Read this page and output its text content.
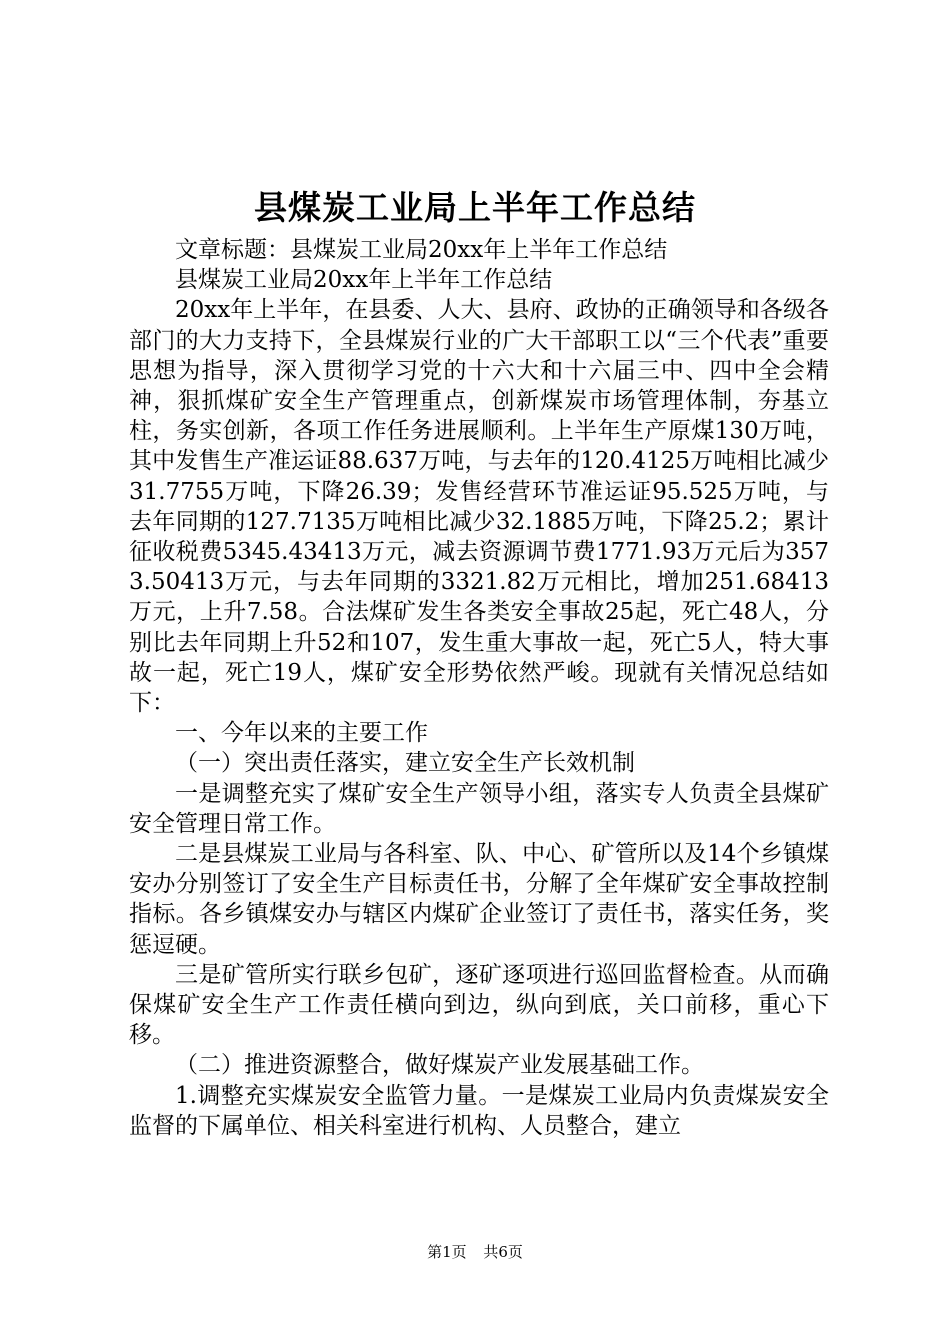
县煤炭工业局上半年工作总结

文章标题：县煤炭工业局20xx年上半年工作总结

县煤炭工业局20xx年上半年工作总结

20xx年上半年，在县委、人大、县府、政协的正确领导和各级各部门的大力支持下，全县煤炭行业的广大干部职工以“三个代表”重要思想为指导，深入贯彻学习党的十六大和十六届三中、四中全会精神，狠抓煤矿安全生产管理重点，创新煤炭市场管理体制，夯基立柱，务实创新，各项工作任务进展顺利。上半年生产原煤130万吨，其中发售生产准运证88.637万吨，与去年的120.4125万吨相比减少31.7755万吨，下降26.39；发售经营环节准运证95.525万吨，与去年同期的127.7135万吨相比减少32.1885万吨，下降25.2；累计征收税费5345.43413万元，减去资源调节费1771.93万元后为3573.50413万元，与去年同期的3321.82万元相比，增加251.68413万元，上升7.58。合法煤矿发生各类安全事故25起，死亡48人，分别比去年同期上升52和107，发生重大事故一起，死亡5人，特大事故一起，死亡19人，煤矿安全形势依然严峻。现就有关情况总结如下：

一、今年以来的主要工作

（一）突出责任落实，建立安全生产长效机制

一是调整充实了煤矿安全生产领导小组，落实专人负责全县煤矿安全管理日常工作。

二是县煤炭工业局与各科室、队、中心、矿管所以及14个乡镇煤安办分别签订了安全生产目标责任书，分解了全年煤矿安全事故控制指标。各乡镇煤安办与辖区内煤矿企业签订了责任书，落实任务，奖惩逗硬。

三是矿管所实行联乡包矿，逐矿逐项进行巡回监督检查。从而确保煤矿安全生产工作责任横向到边，纵向到底，关口前移，重心下移。

（二）推进资源整合，做好煤炭产业发展基础工作。

1.调整充实煤炭安全监管力量。一是煤炭工业局内负责煤炭安全监督的下属单位、相关科室进行机构、人员整合，建立

第1页 共6页
